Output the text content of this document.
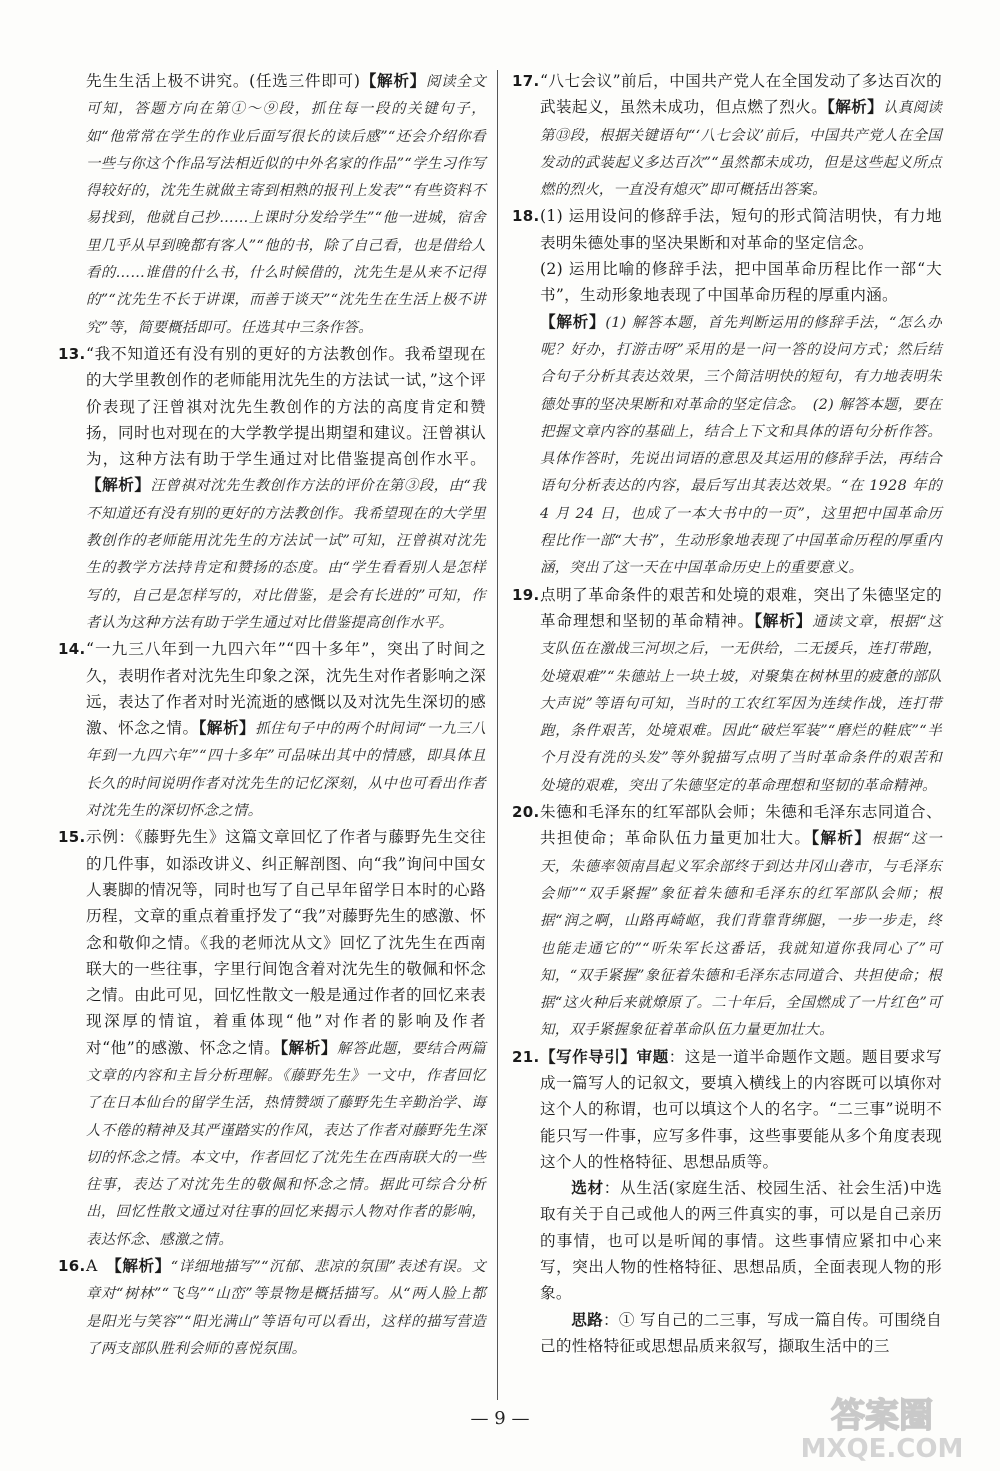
先生生活上极不讲究。(任选三件即可)【解析】阅读全文可知，答题方向在第①～⑨段，抓住每一段的关键句子，如“他常常在学生的作业后面写很长的读后感”“还会介绍你看一些与你这个作品写法相近似的中外名家的作品”“学生习作写得较好的，沈先生就做主寄到相熟的报刊上发表”“有些资料不易找到，他就自己抄……上课时分发给学生”“他一进城，宿舍里几乎从早到晚都有客人”“他的书，除了自己看，也是借给人看的……谁借的什么书，什么时候借的，沈先生是从来不记得的”“沈先生不长于讲课，而善于谈天”“沈先生在生活上极不讲究”等，简要概括即可。任选其中三条作答。

13. “我不知道还有没有别的更好的方法教创作。我希望现在的大学里教创作的老师能用沈先生的方法试一试，”这个评价表现了汪曾祺对沈先生教创作的方法的高度肯定和赞扬，同时也对现在的大学教学提出期望和建议。汪曾祺认为，这种方法有助于学生通过对比借鉴提高创作水平。【解析】汪曾祺对沈先生教创作方法的评价在第③段，由“我不知道还有没有别的更好的方法教创作。我希望现在的大学里教创作的老师能用沈先生的方法试一试”可知，汪曾祺对沈先生的教学方法持肯定和赞扬的态度。由“学生看看别人是怎样写的，自己是怎样写的，对比借鉴，是会有长进的”可知，作者认为这种方法有助于学生通过对比借鉴提高创作水平。

14. “一九三八年到一九四六年”“四十多年”，突出了时间之久，表明作者对沈先生印象之深，沈先生对作者影响之深远，表达了作者对时光流逝的感慨以及对沈先生深切的感激、怀念之情。【解析】抓住句子中的两个时间词“一九三八年到一九四六年”“四十多年”可品味出其中的情感，即具体且长久的时间说明作者对沈先生的记忆深刻，从中也可看出作者对沈先生的深切怀念之情。

15. 示例：《藤野先生》这篇文章回忆了作者与藤野先生交往的几件事，如添改讲义、纠正解剖图、向“我”询问中国女人裹脚的情况等，同时也写了自己早年留学日本时的心路历程，文章的重点着重抒发了“我”对藤野先生的感激、怀念和敬仰之情。《我的老师沈从文》回忆了沈先生在西南联大的一些往事，字里行间饱含着对沈先生的敬佩和怀念之情。由此可见，回忆性散文一般是通过作者的回忆来表现深厚的情谊，着重体现“他”对作者的影响及作者对“他”的感激、怀念之情。【解析】解答此题，要结合两篇文章的内容和主旨分析理解。《藤野先生》一文中，作者回忆了在日本仙台的留学生活，热情赞颂了藤野先生辛勤治学、诲人不倦的精神及其严谨踏实的作风，表达了作者对藤野先生深切的怀念之情。本文中，作者回忆了沈先生在西南联大的一些往事，表达了对沈先生的敬佩和怀念之情。据此可综合分析出，回忆性散文通过对往事的回忆来揭示人物对作者的影响，表达怀念、感激之情。

16. A　 【解析】“详细地描写”“沉郁、悲凉的氛围”表述有误。文章对“树林”“飞鸟”“山峦”等景物是概括描写。从“两人脸上都是阳光与笑容”“阳光满山”等语句可以看出，这样的描写营造了两支部队胜利会师的喜悦氛围。

17. “八七会议”前后，中国共产党人在全国发动了多达百次的武装起义，虽然未成功，但点燃了烈火。【解析】认真阅读第⑬段，根据关键语句“‘八七会议’前后，中国共产党人在全国发动的武装起义多达百次”“虽然都未成功，但是这些起义所点燃的烈火，一直没有熄灭”即可概括出答案。

18. (1) 运用设问的修辞手法，短句的形式简洁明快，有力地表明朱德处事的坚决果断和对革命的坚定信念。
(2) 运用比喻的修辞手法，把中国革命历程比作一部“大书”，生动形象地表现了中国革命历程的厚重内涵。
【解析】(1) 解答本题，首先判断运用的修辞手法，“怎么办呢？好办，打游击呀”采用的是一问一答的设问方式；然后结合句子分析其表达效果，三个简洁明快的短句，有力地表明朱德处事的坚决果断和对革命的坚定信念。　(2) 解答本题，要在把握文章内容的基础上，结合上下文和具体的语句分析作答。具体作答时，先说出词语的意思及其运用的修辞手法，再结合语句分析表达的内容，最后写出其表达效果。“在 1928 年的 4 月 24 日，也成了一本大书中的一页”，这里把中国革命历程比作一部“大书”，生动形象地表现了中国革命历程的厚重内涵，突出了这一天在中国革命历史上的重要意义。

19. 点明了革命条件的艰苦和处境的艰难，突出了朱德坚定的革命理想和坚韧的革命精神。【解析】通读文章，根据“这支队伍在激战三河坝之后，一无供给，二无援兵，连打带跑，处境艰难”“朱德站上一块土坡，对聚集在树林里的疲惫的部队大声说”等语句可知，当时的工农红军因为连续作战，连打带跑，条件艰苦，处境艰难。因此“破烂军装”“磨烂的鞋底”“半个月没有洗的头发”等外貌描写点明了当时革命条件的艰苦和处境的艰难，突出了朱德坚定的革命理想和坚韧的革命精神。

20. 朱德和毛泽东的红军部队会师；朱德和毛泽东志同道合、共担使命；革命队伍力量更加壮大。【解析】根据“这一天，朱德率领南昌起义军余部终于到达井冈山砻市，与毛泽东会师”“双手紧握”象征着朱德和毛泽东的红军部队会师；根据“润之啊，山路再崎岖，我们背靠背绑腿，一步一步走，终也能走通它的”“听朱军长这番话，我就知道你我同心了”可知，“双手紧握”象征着朱德和毛泽东志同道合、共担使命；根据“这火种后来就燎原了。二十年后，全国燃成了一片红色”可知，双手紧握象征着革命队伍力量更加壮大。

21. 【写作导引】审题：这是一道半命题作文题。题目要求写成一篇写人的记叙文，要填入横线上的内容既可以填你对这个人的称谓，也可以填这个人的名字。“二三事”说明不能只写一件事，应写多件事，这些事要能从多个角度表现这个人的性格特征、思想品质等。
选材：从生活(家庭生活、校园生活、社会生活)中选取有关于自己或他人的两三件真实的事，可以是自己亲历的事情，也可以是听闻的事情。这些事情应紧扣中心来写，突出人物的性格特征、思想品质，全面表现人物的形象。
思路：① 写自己的二三事，写成一篇自传。可围绕自己的性格特征或思想品质来叙写，撷取生活中的三
— 9 —	答案圈
MXQE.COM
